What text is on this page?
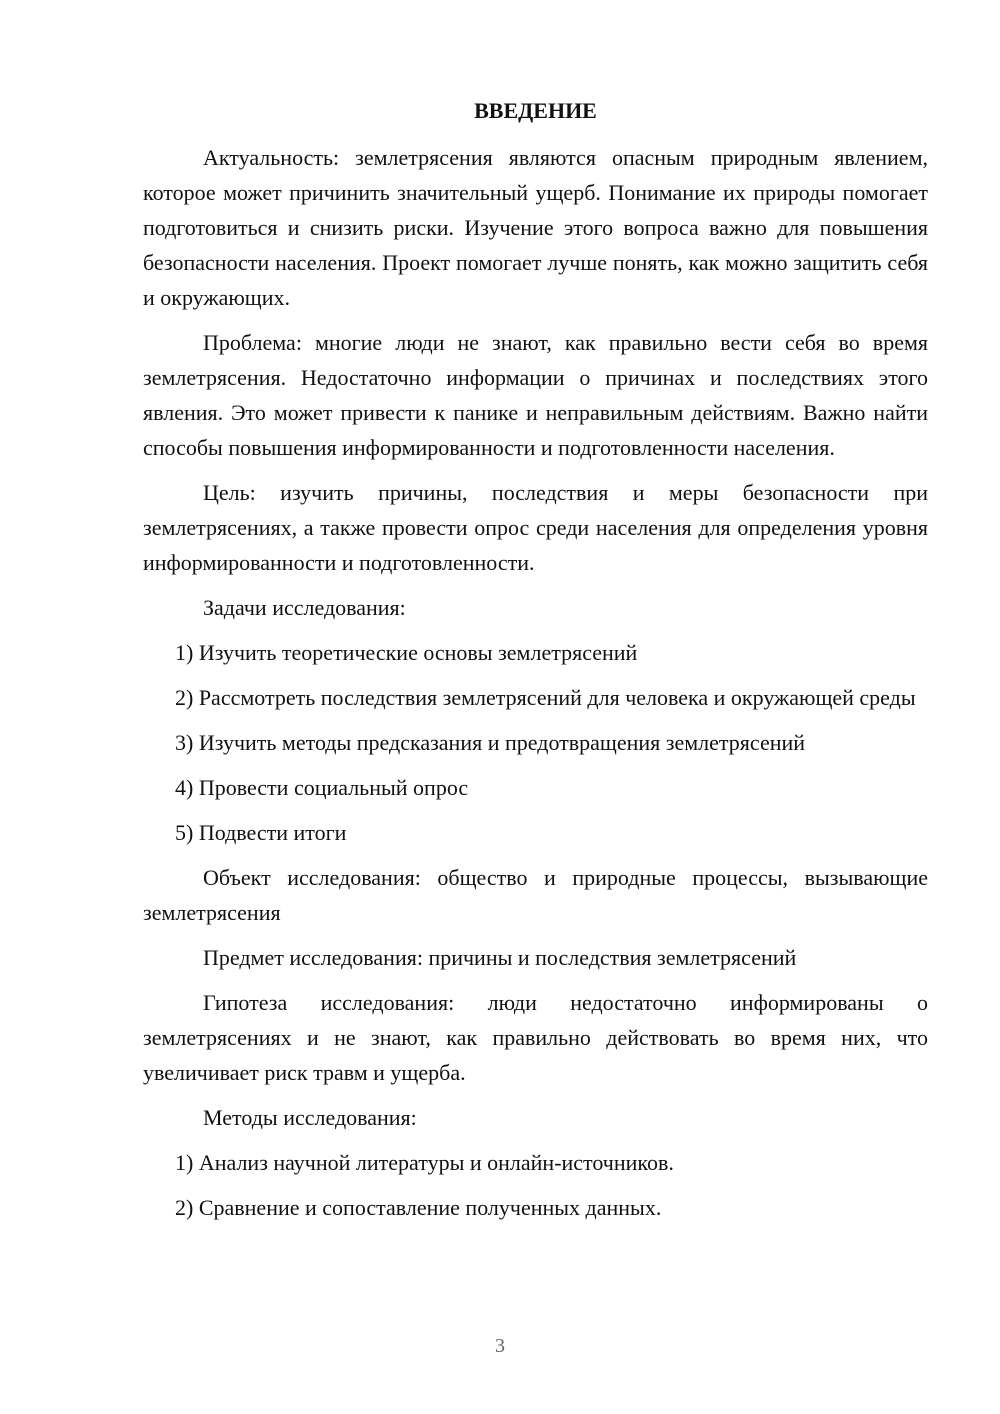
ВВЕДЕНИЕ

Актуальность: землетрясения являются опасным природным явлением, которое может причинить значительный ущерб. Понимание их природы помогает подготовиться и снизить риски. Изучение этого вопроса важно для повышения безопасности населения. Проект помогает лучше понять, как можно защитить себя и окружающих.

Проблема: многие люди не знают, как правильно вести себя во время землетрясения. Недостаточно информации о причинах и последствиях этого явления. Это может привести к панике и неправильным действиям. Важно найти способы повышения информированности и подготовленности населения.

Цель: изучить причины, последствия и меры безопасности при землетрясениях, а также провести опрос среди населения для определения уровня информированности и подготовленности.

Задачи исследования:

1) Изучить теоретические основы землетрясений

2) Рассмотреть последствия землетрясений для человека и окружающей среды

3) Изучить методы предсказания и предотвращения землетрясений

4) Провести социальный опрос

5) Подвести итоги

Объект исследования: общество и природные процессы, вызывающие землетрясения

Предмет исследования: причины и последствия землетрясений

Гипотеза исследования: люди недостаточно информированы о землетрясениях и не знают, как правильно действовать во время них, что увеличивает риск травм и ущерба.

Методы исследования:

1) Анализ научной литературы и онлайн-источников.

2) Сравнение и сопоставление полученных данных.

3
